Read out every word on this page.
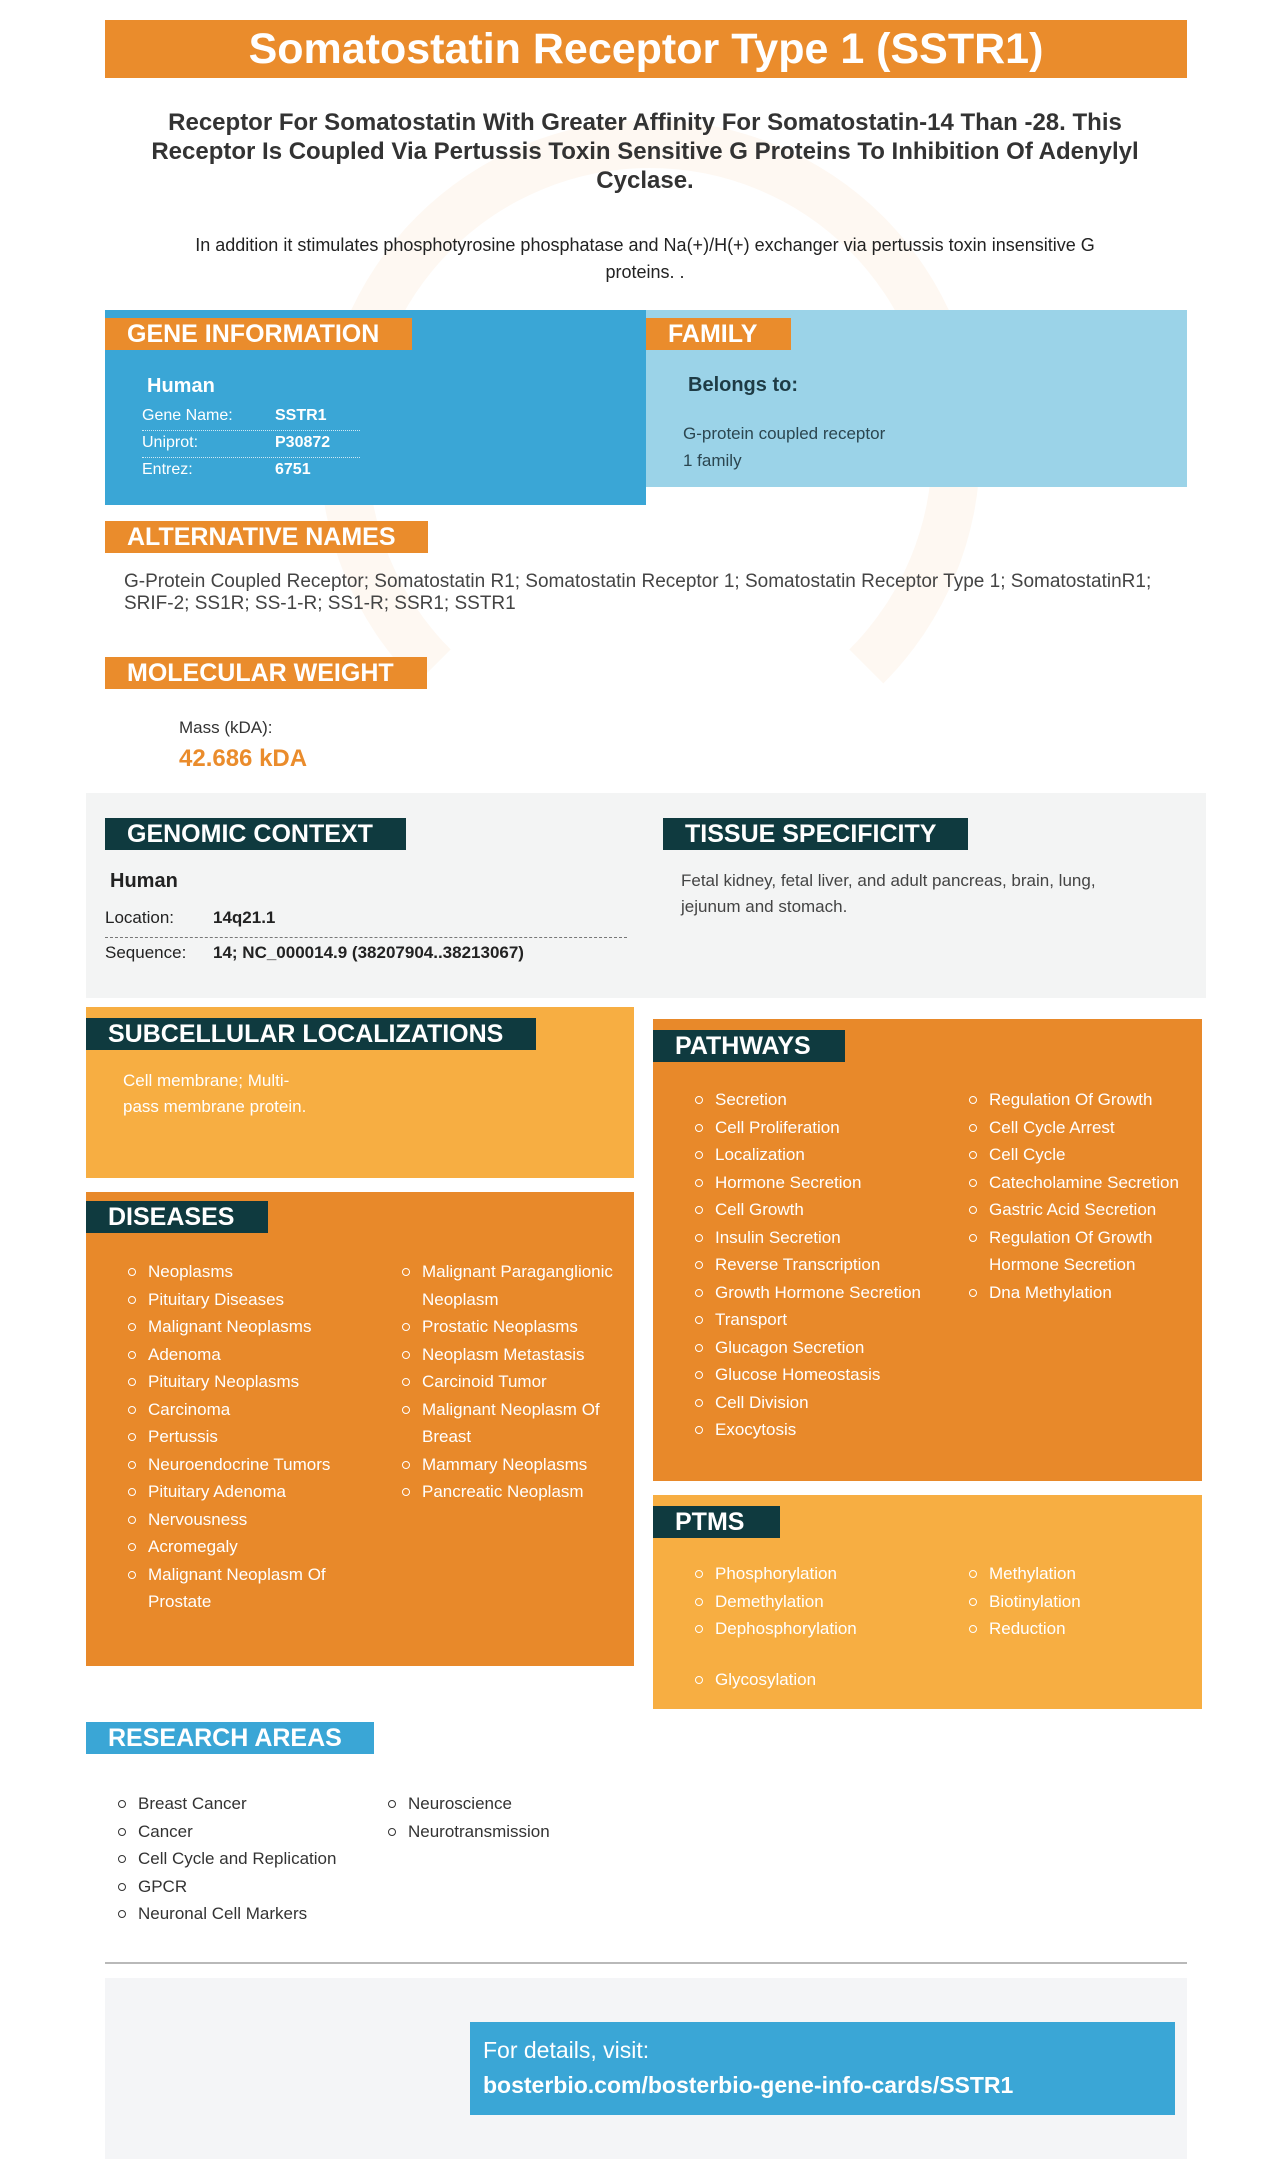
Somatostatin Receptor Type 1 (SSTR1)
Receptor For Somatostatin With Greater Affinity For Somatostatin-14 Than -28. This Receptor Is Coupled Via Pertussis Toxin Sensitive G Proteins To Inhibition Of Adenylyl Cyclase.
In addition it stimulates phosphotyrosine phosphatase and Na(+)/H(+) exchanger via pertussis toxin insensitive G proteins. .
Human
Gene Name:	SSTR1
Uniprot:	P30872
Entrez:	6751
GENE INFORMATION
Belongs to:
G-protein coupled receptor
1 family
FAMILY
ALTERNATIVE NAMES
G-Protein Coupled Receptor; Somatostatin R1; Somatostatin Receptor 1; Somatostatin Receptor Type 1; SomatostatinR1; SRIF-2; SS1R; SS-1-R; SS1-R; SSR1; SSTR1
MOLECULAR WEIGHT
Mass (kDA):
42.686 kDA
GENOMIC CONTEXT
Human
Location: 14q21.1
Sequence: 14; NC_000014.9 (38207904..38213067)
TISSUE SPECIFICITY
Fetal kidney, fetal liver, and adult pancreas, brain, lung,
jejunum and stomach.
SUBCELLULAR LOCALIZATIONS
Cell membrane; Multi-
pass membrane protein.
DISEASES
Neoplasms
Pituitary Diseases
Malignant Neoplasms
Adenoma
Pituitary Neoplasms
Carcinoma
Pertussis
Neuroendocrine Tumors
Pituitary Adenoma
Nervousness
Acromegaly
Malignant Neoplasm Of Prostate
Malignant Paraganglionic Neoplasm
Prostatic Neoplasms
Neoplasm Metastasis
Carcinoid Tumor
Malignant Neoplasm Of Breast
Mammary Neoplasms
Pancreatic Neoplasm
PATHWAYS
Secretion
Cell Proliferation
Localization
Hormone Secretion
Cell Growth
Insulin Secretion
Reverse Transcription
Growth Hormone Secretion
Transport
Glucagon Secretion
Glucose Homeostasis
Cell Division
Exocytosis
Regulation Of Growth
Cell Cycle Arrest
Cell Cycle
Catecholamine Secretion
Gastric Acid Secretion
Regulation Of Growth Hormone Secretion
Dna Methylation
PTMS
Phosphorylation
Demethylation
Dephosphorylation
Methylation
Biotinylation
Reduction
Glycosylation
RESEARCH AREAS
Breast Cancer
Cancer
Cell Cycle and Replication
GPCR
Neuronal Cell Markers
Neuroscience
Neurotransmission
For details, visit:
bosterbio.com/bosterbio-gene-info-cards/SSTR1
